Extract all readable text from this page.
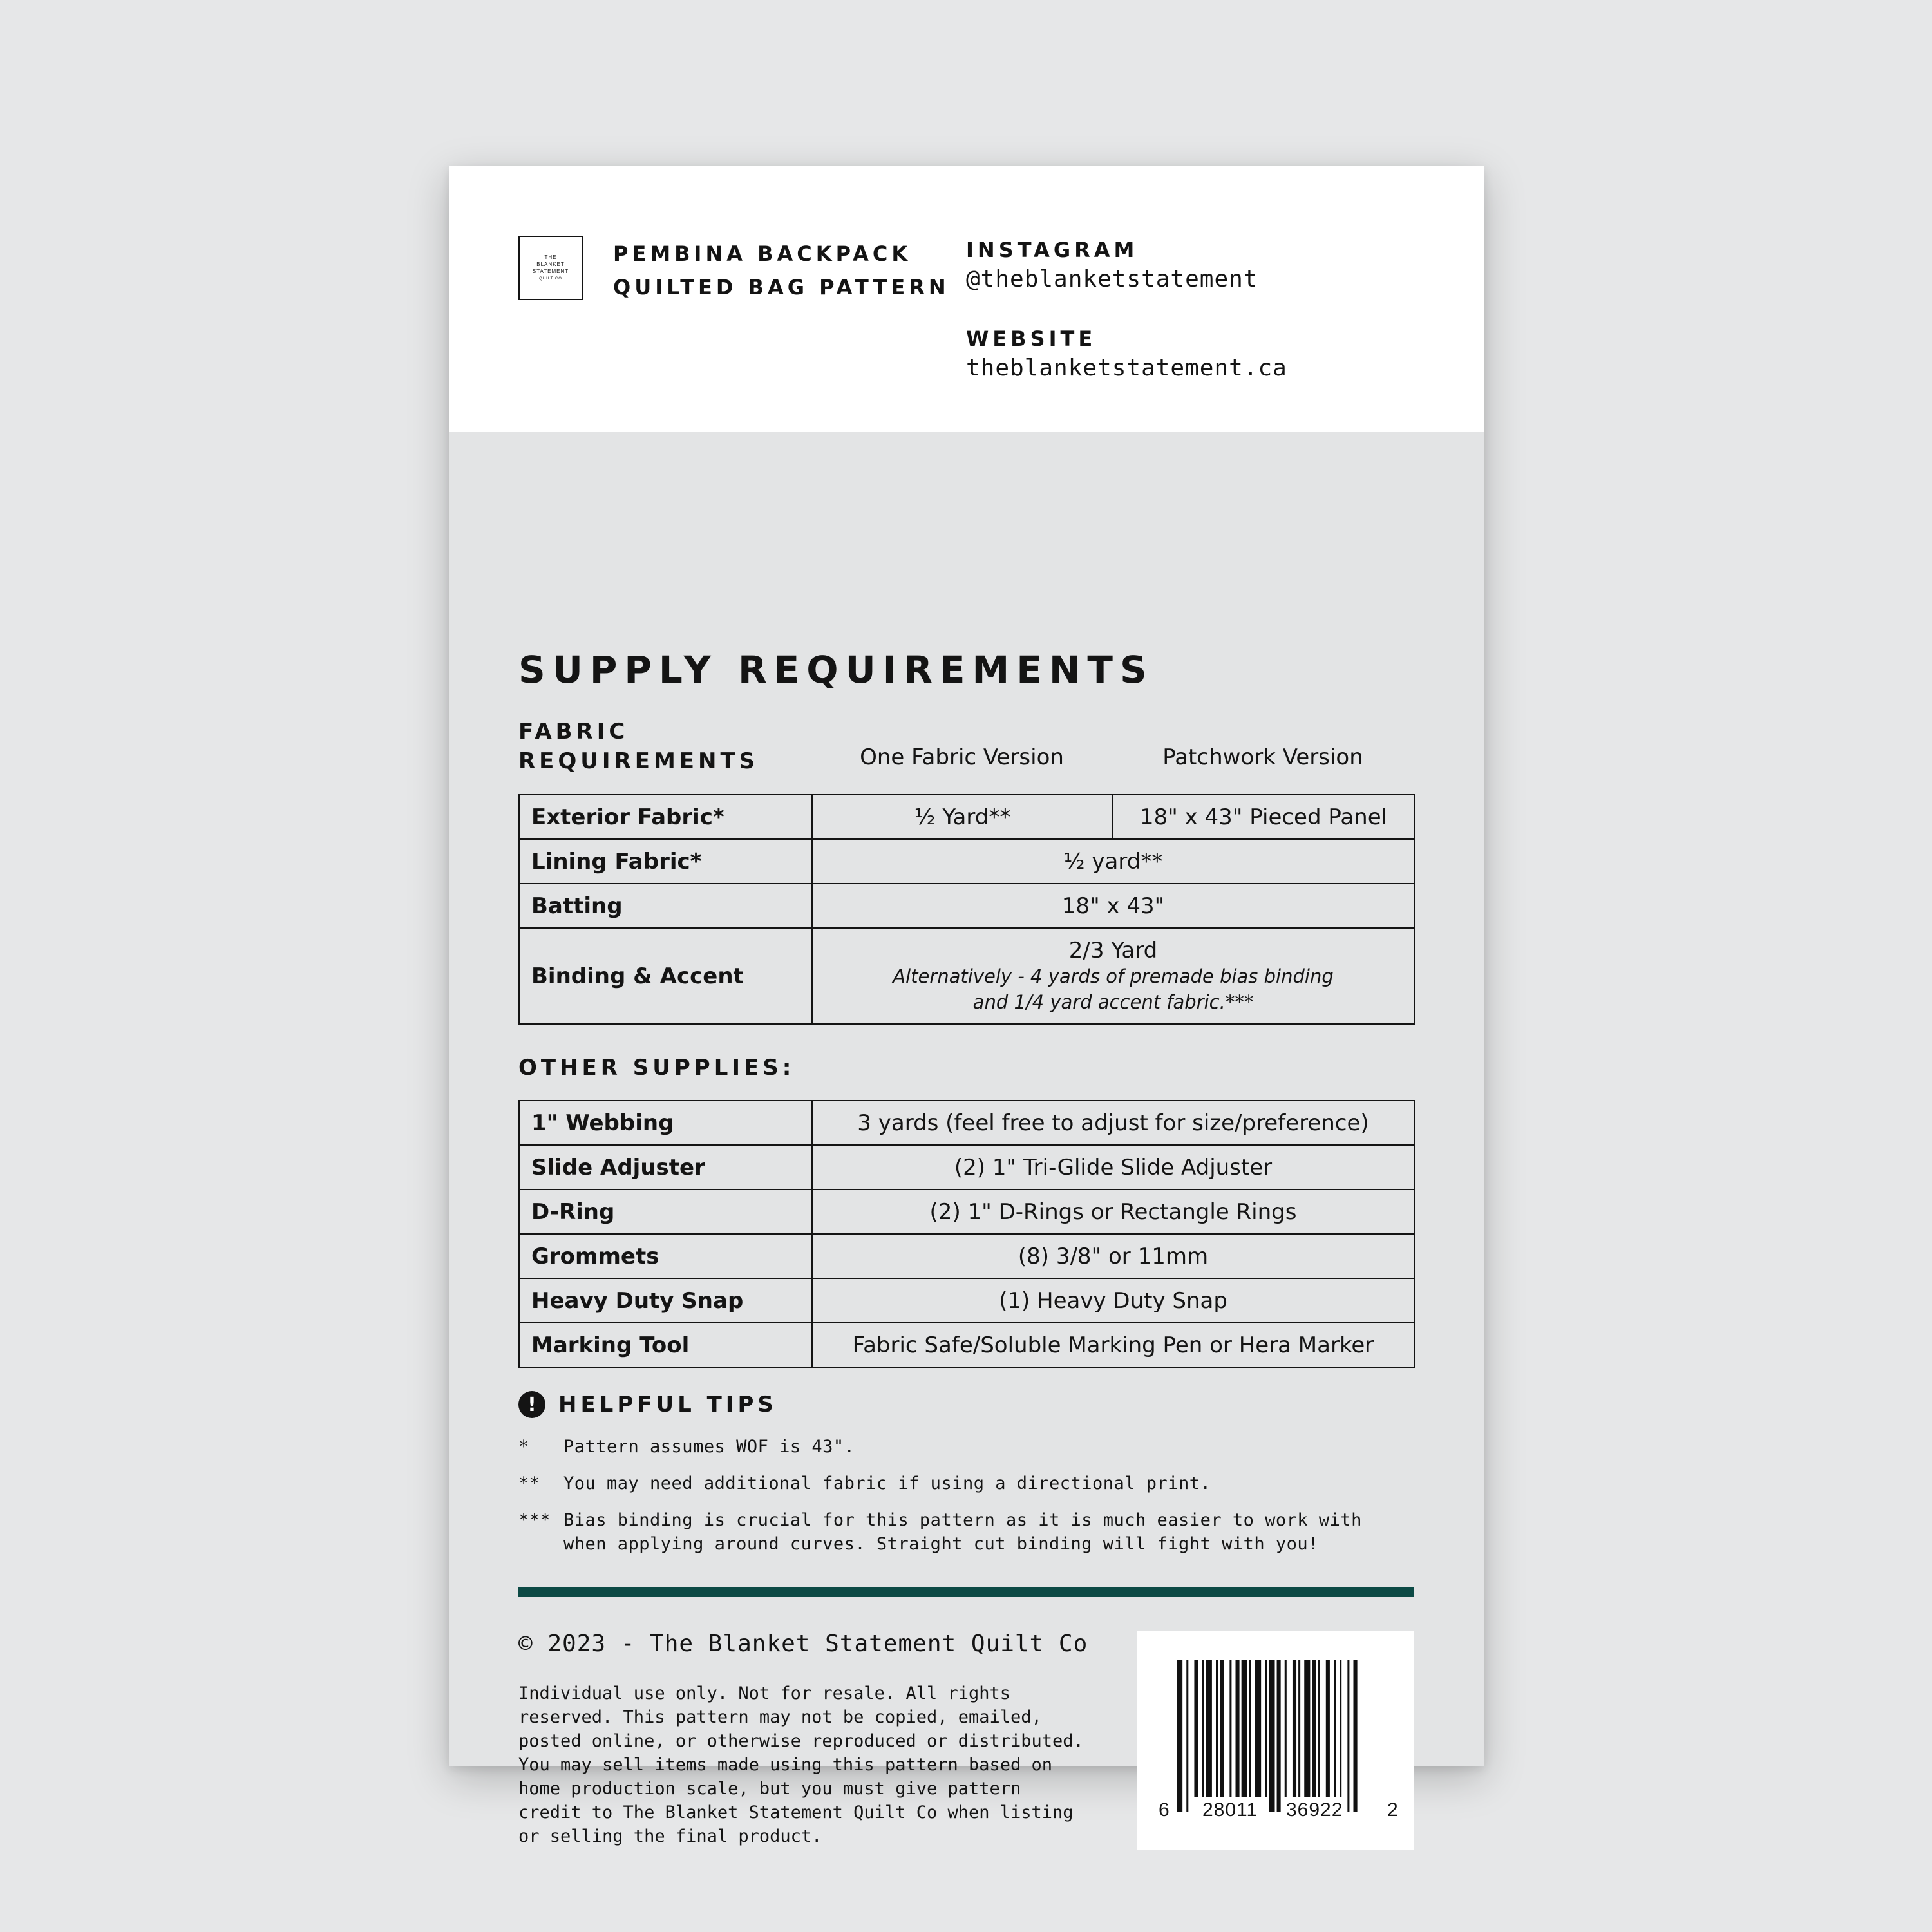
THE
BLANKET
STATEMENT
QUILT CO
PEMBINA BACKPACK
QUILTED BAG PATTERN
INSTAGRAM
@theblanketstatement
WEBSITE
theblanketstatement.ca
SUPPLY REQUIREMENTS
FABRIC
REQUIREMENTS	One Fabric Version	Patchwork Version
Exterior Fabric*	½ Yard**	18" x 43" Pieced Panel
Lining Fabric*	½ yard**	
Batting	18" x 43"	
Binding & Accent	2/3 Yard
Alternatively - 4 yards of premade bias binding
and 1/4 yard accent fabric.***	
OTHER SUPPLIES:
1" Webbing	3 yards (feel free to adjust for size/preference)
Slide Adjuster	(2) 1" Tri-Glide Slide Adjuster
D-Ring	(2) 1" D-Rings or Rectangle Rings
Grommets	(8) 3/8" or 11mm
Heavy Duty Snap	(1) Heavy Duty Snap
Marking Tool	Fabric Safe/Soluble Marking Pen or Hera Marker
!	HELPFUL TIPS
*	Pattern assumes WOF is 43".
**	You may need additional fabric if using a directional print.
*** Bias binding is crucial for this pattern as it is much easier to work with when applying around curves. Straight cut binding will fight with you!
© 2023 - The Blanket Statement Quilt Co
Individual use only. Not for resale. All rights reserved. This pattern may not be copied, emailed, posted online, or otherwise reproduced or distributed. You may sell items made using this pattern based on home production scale, but you must give pattern credit to The Blanket Statement Quilt Co when listing or selling the final product.
6 28011 36922 2
